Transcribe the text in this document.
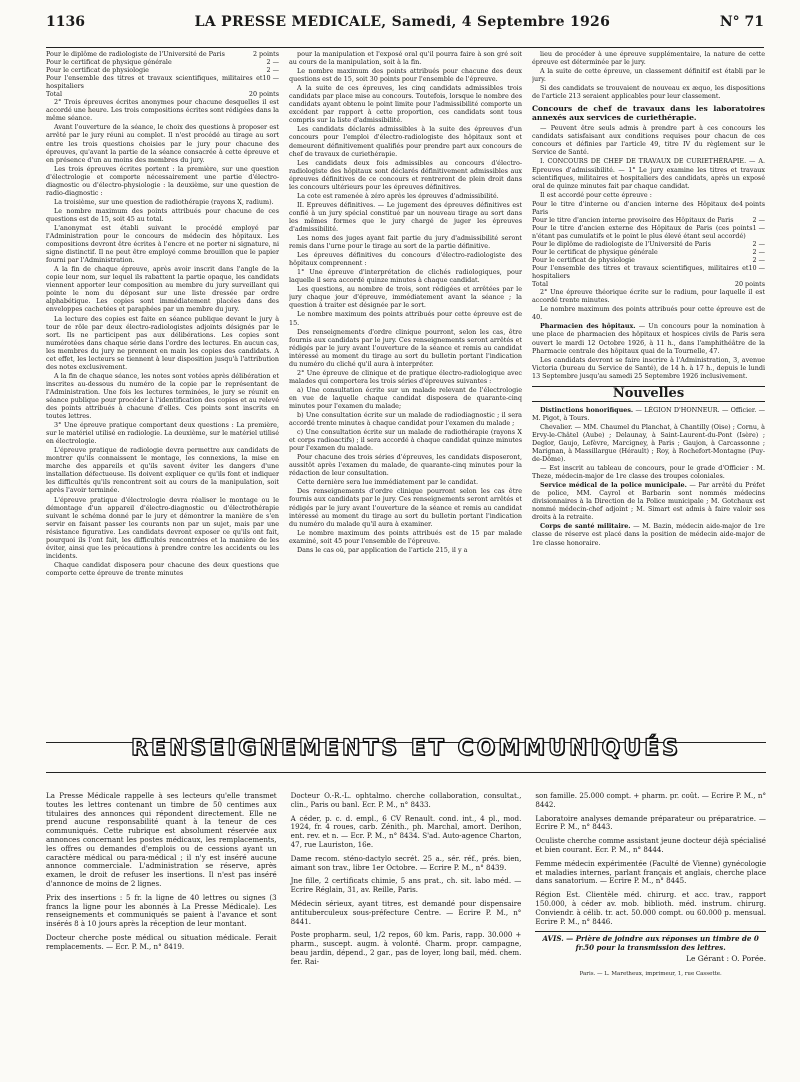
1136	LA PRESSE MEDICALE, Samedi, 4 Septembre 1926	N° 71
Pour le diplôme de radiologiste de l'Université de Paris	2 points
Pour le certificat de physique générale	2 —
Pour le certificat de physiologie	2 —
Pour l'ensemble des titres et travaux scientifiques, militaires et hospitaliers
10 —
Total	20 points

2° Trois épreuves écrites anonymes pour chacune desquelles il est accordé une heure. Les trois compositions écrites sont rédigées dans la même séance.

Avant l'ouverture de la séance, le choix des questions à proposer est arrêté par le jury réuni au complet. Il n'est procédé au tirage au sort entre les trois questions choisies par le jury pour chacune des épreuves, qu'avant la partie de la séance consacrée à cette épreuve et en présence d'un au moins des membres du jury.

Les trois épreuves écrites portent : la première, sur une question d'électrologie et comporte nécessairement une partie d'électro-diagnostic ou d'électro-physiologie : la deuxième, sur une question de radio-diagnostic :

La troisième, sur une question de radiothérapie (rayons X, radium).

Le nombre maximum des points attribués pour chacune de ces questions est de 15, soit 45 au total.

L'anonymat est établi suivant le procédé employé par l'Administration pour le concours de médecin des hôpitaux. Les compositions devront être écrites à l'encre et ne porter ni signature, ni signe distinctif. Il ne peut être employé comme brouillon que le papier fourni par l'Administration.

A la fin de chaque épreuve, après avoir inscrit dans l'angle de la copie leur nom, sur lequel ils rabattent la partie opaque, les candidats viennent apporter leur composition au membre du jury surveillant qui pointe le nom du déposant sur une liste dressée par ordre alphabétique. Les copies sont immédiatement placées dans des enveloppes cachetées et paraphées par un membre du jury.

La lecture des copies est faite en séance publique devant le jury à tour de rôle par deux électro-radiologistes adjoints désignés par le sort. Ils ne participent pas aux délibérations. Les copies sont numérotées dans chaque série dans l'ordre des lectures. En aucun cas, les membres du jury ne prennent en main les copies des candidats. A cet effet, les lecteurs se tiennent à leur disposition jusqu'à l'attribution des notes exclusivement.

A la fin de chaque séance, les notes sont votées après délibération et inscrites au-dessous du numéro de la copie par le représentant de l'Administration. Une fois les lectures terminées, le jury se réunit en séance publique pour procéder à l'identification des copies et au relevé des points attribués à chacune d'elles. Ces points sont inscrits en toutes lettres.

3° Une épreuve pratique comportant deux questions : La première, sur le matériel utilisé en radiologie. La deuxième, sur le matériel utilisé en électrologie.

L'épreuve pratique de radiologie devra permettre aux candidats de montrer qu'ils connaissent le montage, les connexions, la mise en marche des appareils et qu'ils savent éviter les dangers d'une installation défectueuse. Ils doivent expliquer ce qu'ils font et indiquer les difficultés qu'ils rencontrent soit au cours de la manipulation, soit après l'avoir terminée.

L'épreuve pratique d'électrologie devra réaliser le montage ou le démontage d'un appareil d'électro-diagnostic ou d'électrothérapie suivant le schéma donné par le jury et démontrer la manière de s'en servir en faisant passer les courants non par un sujet, mais par une résistance figurative. Les candidats devront exposer ce qu'ils ont fait, pourquoi ils l'ont fait, les difficultés rencontrées et la manière de les éviter, ainsi que les précautions à prendre contre les accidents ou les incidents.

Chaque candidat disposera pour chacune des deux questions que comporte cette épreuve de trente minutes

pour la manipulation et l'exposé oral qu'il pourra faire à son gré soit au cours de la manipulation, soit à la fin.

Le nombre maximum des points attribués pour chacune des deux questions est de 15, soit 30 points pour l'ensemble de l'épreuve.

A la suite de ces épreuves, les cinq candidats admissibles trois candidats par place mise au concours. Toutefois, lorsque le nombre des candidats ayant obtenu le point limite pour l'admissibilité comporte un excédent par rapport à cette proportion, ces candidats sont tous compris sur la liste d'admissibilité.

Les candidats déclarés admissibles à la suite des épreuves d'un concours pour l'emploi d'électro-radiologiste des hôpitaux sont et demeurent définitivement qualifiés pour prendre part aux concours de chef de travaux de curiethérapie.

Les candidats deux fois admissibles au concours d'électro-radiologiste des hôpitaux sont déclarés définitivement admissibles aux épreuves définitives de ce concours et rentreront de plein droit dans les concours ultérieurs pour les épreuves définitives.

La cote est ramenée à zéro après les épreuves d'admissibilité.

II. Epreuves définitives. — Le jugement des épreuves définitives est confié à un jury spécial constitué par un nouveau tirage au sort dans les mêmes formes que le jury chargé de juger les épreuves d'admissibilité.

Les noms des juges ayant fait partie du jury d'admissibilité seront remis dans l'urne pour le tirage au sort de la partie définitive.

Les épreuves définitives du concours d'électro-radiologiste des hôpitaux comprennent :

1° Une épreuve d'interprétation de clichés radiologiques, pour laquelle il sera accordé quinze minutes à chaque candidat.

Les questions, au nombre de trois, sont rédigées et arrêtées par le jury chaque jour d'épreuve, immédiatement avant la séance ; la question à traiter est désignée par le sort.

Le nombre maximum des points attribués pour cette épreuve est de 15.

Des renseignements d'ordre clinique pourront, selon les cas, être fournis aux candidats par le jury. Ces renseignements seront arrêtés et rédigés par le jury avant l'ouverture de la séance et remis au candidat intéressé au moment du tirage au sort du bulletin portant l'indication du numéro du cliché qu'il aura à interpréter.

2° Une épreuve de clinique et de pratique électro-radiologique avec malades qui comportera les trois séries d'épreuves suivantes :

a) Une consultation écrite sur un malade relevant de l'électrologie en vue de laquelle chaque candidat disposera de quarante-cinq minutes pour l'examen du malade;

b) Une consultation écrite sur un malade de radiodiagnostic ; il sera accordé trente minutes à chaque candidat pour l'examen du malade ;

c) Une consultation écrite sur un malade de radiothérapie (rayons X et corps radioactifs) ; il sera accordé à chaque candidat quinze minutes pour l'examen du malade.

Pour chacune des trois séries d'épreuves, les candidats disposeront, aussitôt après l'examen du malade, de quarante-cinq minutes pour la rédaction de leur consultation.

Cette dernière sera lue immédiatement par le candidat.

Des renseignements d'ordre clinique pourront selon les cas être fournis aux candidats par le jury. Ces renseignements seront arrêtés et rédigés par le jury avant l'ouverture de la séance et remis au candidat intéressé au moment du tirage au sort du bulletin portant l'indication du numéro du malade qu'il aura à examiner.

Le nombre maximum des points attribués est de 15 par malade examiné, soit 45 pour l'ensemble de l'épreuve.

Dans le cas où, par application de l'article 215, il y a

lieu de procéder à une épreuve supplémentaire, la nature de cette épreuve est déterminée par le jury.

A la suite de cette épreuve, un classement définitif est établi par le jury.

Si des candidats se trouvaient de nouveau ex æquo, les dispositions de l'article 213 seraient applicables pour leur classement.

Concours de chef de travaux dans les laboratoires annexés aux services de curiethérapie.

— Peuvent être seuls admis à prendre part à ces concours les candidats satisfaisant aux conditions requises pour chacun de ces concours et définies par l'article 49, titre IV du règlement sur le Service de Santé.

I. CONCOURS DE CHEF DE TRAVAUX DE CURIETHÉRAPIE. — A. Epreuves d'admissibilité. — 1° Le jury examine les titres et travaux scientifiques, militaires et hospitaliers des candidats, après un exposé oral de quinze minutes fait par chaque candidat.

Il est accordé pour cette épreuve :

Pour le titre d'interne ou d'ancien interne des Hôpitaux de Paris
4 points
Pour le titre d'ancien interne provisoire des Hôpitaux de Paris	2 —
Pour le titre d'ancien externe des Hôpitaux de Paris (ces points n'étant pas cumulatifs et le point le plus élevé étant seul accordé)
1 —
Pour le diplôme de radiologiste de l'Université de Paris	2 —
Pour le certificat de physique générale	2 —
Pour le certificat de physiologie	2 —
Pour l'ensemble des titres et travaux scientifiques, militaires et hospitaliers
10 —
Total	20 points

2° Une épreuve théorique écrite sur le radium, pour laquelle il est accordé trente minutes.

Le nombre maximum des points attribués pour cette épreuve est de 40.

Pharmacien des hôpitaux. — Un concours pour la nomination à une place de pharmacien des hôpitaux et hospices civils de Paris sera ouvert le mardi 12 Octobre 1926, à 11 h., dans l'amphithéâtre de la Pharmacie centrale des hôpitaux quai de la Tournelle, 47.

Les candidats devront se faire inscrire à l'Administration, 3, avenue Victoria (bureau du Service de Santé), de 14 h. à 17 h., depuis le lundi 13 Septembre jusqu'au samedi 25 Septembre 1926 inclusivement.

Nouvelles

Distinctions honorifiques. — LÉGION D'HONNEUR. — Officier. — M. Pigot, à Tours.

Chevalier. — MM. Chaumel du Planchat, à Chantilly (Oise) ; Cornu, à Ervy-le-Châtel (Aube) ; Delaunay, à Saint-Laurent-du-Pont (Isère) ; Deglor, Gaujo, Lefèvre, Marcigney, à Paris ; Gaujon, à Carcassonne ; Marignan, à Massillargue (Hérault) ; Roy, à Rochefort-Montagne (Puy-de-Dôme).

— Est inscrit au tableau de concours, pour le grade d'Officier : M. Theze, médecin-major de 1re classe des troupes coloniales.

Service médical de la police municipale. — Par arrêté du Préfet de police, MM. Cayrol et Barbarin sont nommés médecins divisionnaires à la Direction de la Police municipale ; M. Gotchaux est nommé médecin-chef adjoint ; M. Simart est admis à faire valoir ses droits à la retraite.

Corps de santé militaire. — M. Bazin, médecin aide-major de 1re classe de réserve est placé dans la position de médecin aide-major de 1re classe honoraire.

RENSEIGNEMENTS ET COMMUNIQUÉS

La Presse Médicale rappelle à ses lecteurs qu'elle transmet toutes les lettres contenant un timbre de 50 centimes aux titulaires des annonces qui répondent directement. Elle ne prend aucune responsabilité quant à la teneur de ces communiqués. Cette rubrique est absolument réservée aux annonces concernant les postes médicaux, les remplacements, les offres ou demandes d'emplois ou de cessions ayant un caractère médical ou para-médical ; il n'y est inséré aucune annonce commerciale. L'administration se réserve, après examen, le droit de refuser les insertions. Il n'est pas inséré d'annonce de moins de 2 lignes.

Prix des insertions : 5 fr. la ligne de 40 lettres ou signes (3 francs la ligne pour les abonnés à La Presse Médicale). Les renseignements et communiqués se paient à l'avance et sont insérés 8 à 10 jours après la réception de leur montant.

Docteur cherche poste médical ou situation médicale. Ferait remplacements. — Ecr. P. M., n° 8419.

Docteur O.-R.-L. ophtalmo. cherche collaboration, consultat., clin., Paris ou banl. Ecr. P. M., n° 8433.

A céder, p. c. d. empl., 6 CV Renault. cond. int., 4 pl., mod. 1924, fr. 4 roues, carb. Zénith., ph. Marchal, amort. Derihon, ent. rev. et n. — Ecr. P. M., n° 8434. S'ad. Auto-agence Charton, 47, rue Lauriston, 16e.

Dame recom. sténo-dactylo secrét. 25 a., sér. réf., prés. bien, aimant son trav., libre 1er Octobre. — Ecrire P. M., n° 8439.

Jne fille, 2 certificats chimie, 5 ans prat., ch. sit. labo méd. — Ecrire Réglain, 31, av. Reille, Paris.

Médecin sérieux, ayant titres, est demandé pour dispensaire antituberculeux sous-préfecture Centre. — Ecrire P. M., n° 8441.

Poste propharm. seul, 1/2 repos, 60 km. Paris, rapp. 30.000 + pharm., suscept. augm. à volonté. Charm. propr. campagne, beau jardin, dépend., 2 gar., pas de loyer, long bail, méd. chem. fer. Rai-

son famille. 25.000 compt. + pharm. pr. coût. — Ecrire P. M., n° 8442.

Laboratoire analyses demande préparateur ou préparatrice. — Ecrire P. M., n° 8443.

Oculiste cherche comme assistant jeune docteur déjà spécialisé et bien courant. Ecr. P. M., n° 8444.

Femme médecin expérimentée (Faculté de Vienne) gynécologie et maladies internes, parlant français et anglais, cherche place dans sanatorium. — Ecrire P. M., n° 8445.

Région Est. Clientèle méd. chirurg. et acc. trav., rapport 150.000, à céder av. mob. biblioth. méd. instrum. chirurg. Conviendr. à célib. tr. act. 50.000 compt. ou 60.000 p. mensual. Ecrire P. M., n° 8446.

AVIS. — Prière de joindre aux réponses un timbre de 0 fr.50 pour la transmission des lettres.
Le Gérant : O. Porée.
Paris. — L. Maretheux, imprimeur, 1, rue Cassette.
